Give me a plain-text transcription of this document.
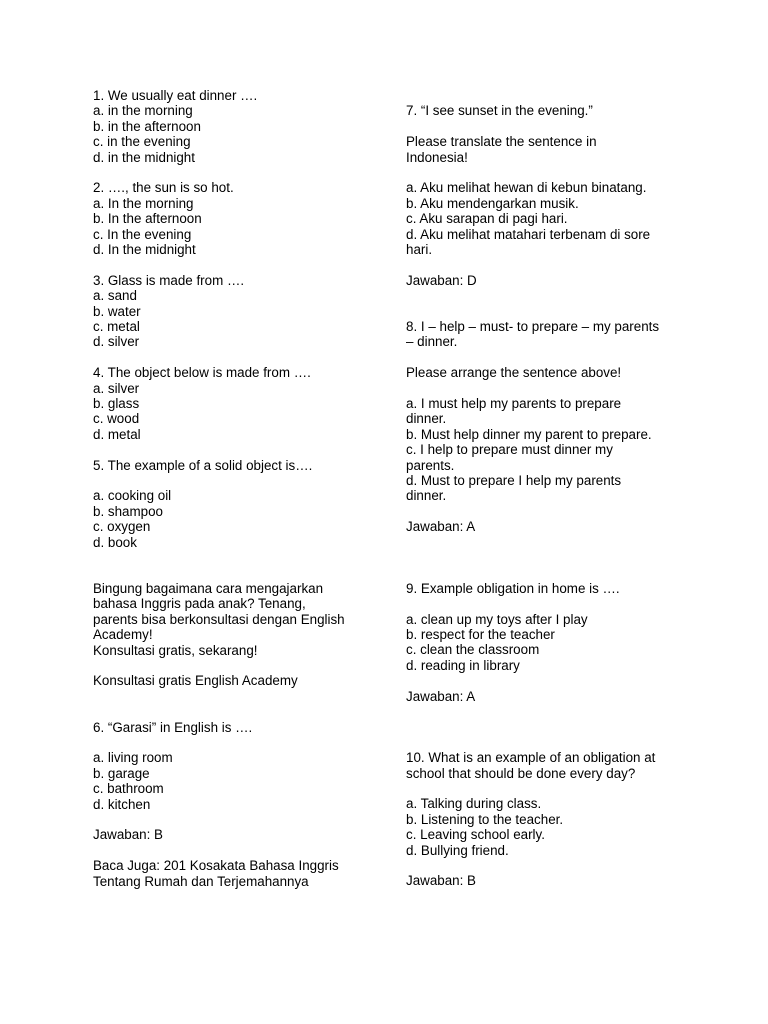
1. We usually eat dinner ….
a. in the morning
b. in the afternoon
c. in the evening
d. in the midnight
2. …., the sun is so hot.
a. In the morning
b. In the afternoon
c. In the evening
d. In the midnight
3. Glass is made from ….
a. sand
b. water
c. metal
d. silver
4. The object below is made from ….
a. silver
b. glass
c. wood
d. metal
5. The example of a solid object is….
a. cooking oil
b. shampoo
c. oxygen
d. book
Bingung bagaimana cara mengajarkan
bahasa Inggris pada anak? Tenang,
parents bisa berkonsultasi dengan English
Academy!
Konsultasi gratis, sekarang!
Konsultasi gratis English Academy
6. “Garasi” in English is ….
a. living room
b. garage
c. bathroom
d. kitchen
Jawaban: B
Baca Juga: 201 Kosakata Bahasa Inggris
Tentang Rumah dan Terjemahannya
7. “I see sunset in the evening.”
Please translate the sentence in
Indonesia!
a. Aku melihat hewan di kebun binatang.
b. Aku mendengarkan musik.
c. Aku sarapan di pagi hari.
d. Aku melihat matahari terbenam di sore
hari.
Jawaban: D
8. I – help – must- to prepare – my parents
– dinner.
Please arrange the sentence above!
a. I must help my parents to prepare
dinner.
b. Must help dinner my parent to prepare.
c. I help to prepare must dinner my
parents.
d. Must to prepare I help my parents
dinner.
Jawaban: A
9. Example obligation in home is ….
a. clean up my toys after I play
b. respect for the teacher
c. clean the classroom
d. reading in library
Jawaban: A
10. What is an example of an obligation at
school that should be done every day?
a. Talking during class.
b. Listening to the teacher.
c. Leaving school early.
d. Bullying friend.
Jawaban: B
